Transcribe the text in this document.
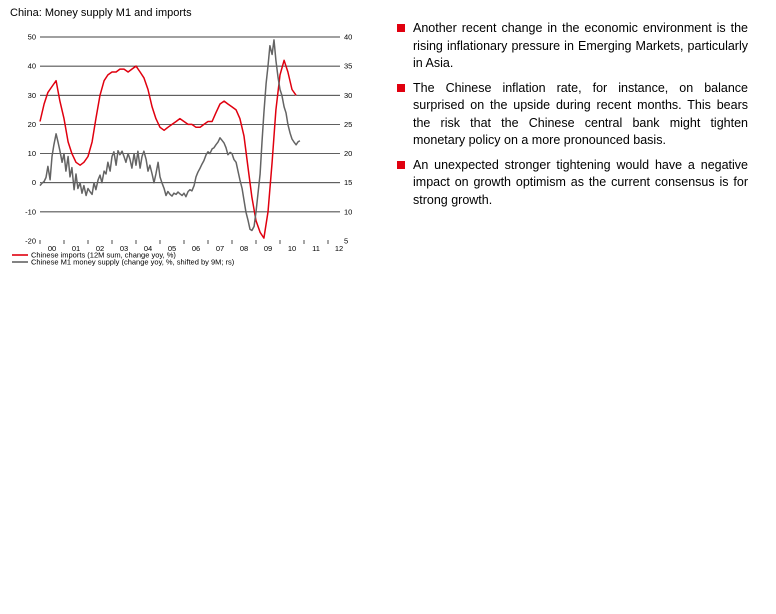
China: Money supply M1 and imports
50
40
30
20
10
0
-10
-20
40
35
30
25
20
15
10
5
00 01 02 03 04 05 06 07 08 09 10 11 12
Chinese imports (12M sum, change yoy, %)
Chinese M1 money supply (change yoy, %, shifted by 9M; rs)
Another recent change in the economic environment is the rising inflationary pressure in Emerging Markets, particularly in Asia.
The Chinese inflation rate, for instance, on balance surprised on the upside during recent months. This bears the risk that the Chinese central bank might tighten monetary policy on a more pronounced basis.
An unexpected stronger tightening would have a negative impact on growth optimism as the current consensus is for strong growth.
